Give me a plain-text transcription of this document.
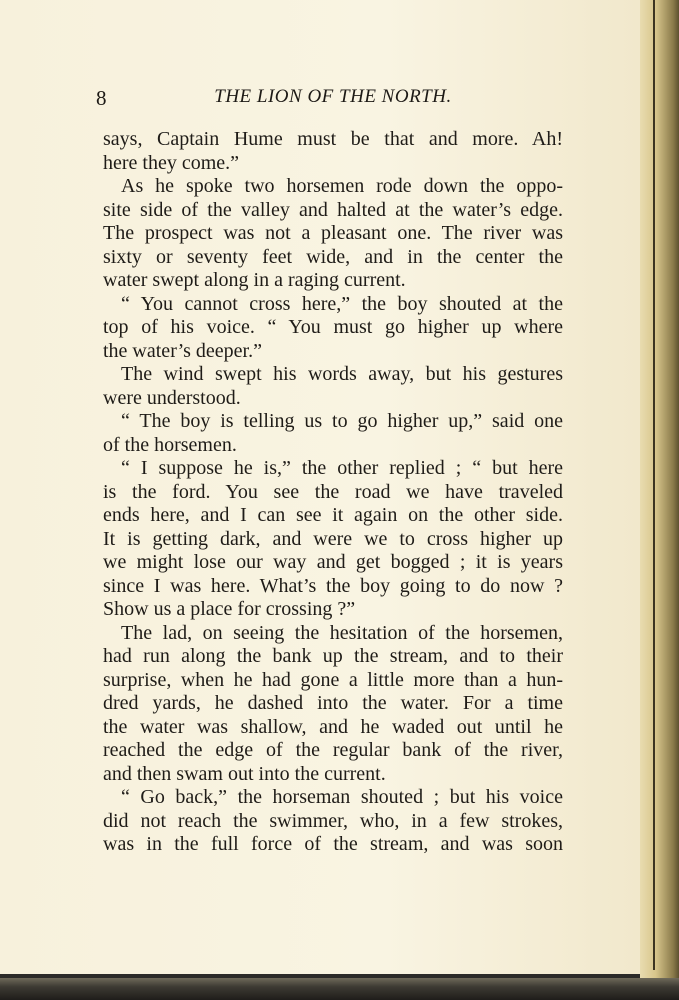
8	THE LION OF THE NORTH.
says, Captain Hume must be that and more. Ah!
here they come.”
As he spoke two horsemen rode down the oppo-
site side of the valley and halted at the water’s edge.
The prospect was not a pleasant one. The river was
sixty or seventy feet wide, and in the center the
water swept along in a raging current.
“ You cannot cross here,” the boy shouted at the
top of his voice. “ You must go higher up where
the water’s deeper.”
The wind swept his words away, but his gestures
were understood.
“ The boy is telling us to go higher up,” said one
of the horsemen.
“ I suppose he is,” the other replied ; “ but here
is the ford. You see the road we have traveled
ends here, and I can see it again on the other side.
It is getting dark, and were we to cross higher up
we might lose our way and get bogged ; it is years
since I was here. What’s the boy going to do now ?
Show us a place for crossing ?”
The lad, on seeing the hesitation of the horsemen,
had run along the bank up the stream, and to their
surprise, when he had gone a little more than a hun-
dred yards, he dashed into the water. For a time
the water was shallow, and he waded out until he
reached the edge of the regular bank of the river,
and then swam out into the current.
“ Go back,” the horseman shouted ; but his voice
did not reach the swimmer, who, in a few strokes,
was in the full force of the stream, and was soon
